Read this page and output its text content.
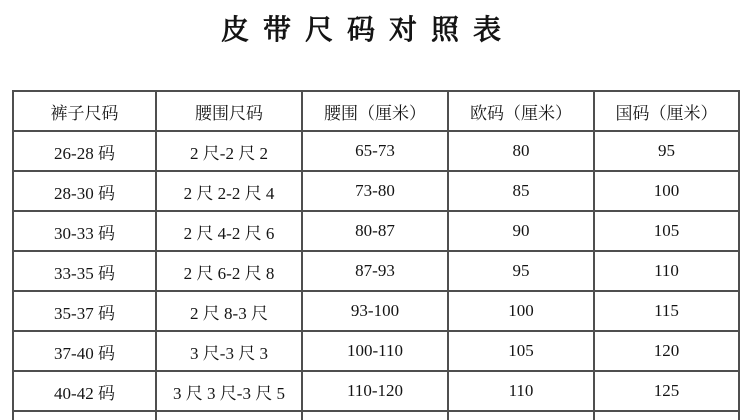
皮带尺码对照表
裤子尺码	腰围尺码	腰围（厘米）	欧码（厘米）	国码（厘米）
26-28 码	2 尺-2 尺 2	65-73	80	95
28-30 码	2 尺 2-2 尺 4	73-80	85	100
30-33 码	2 尺 4-2 尺 6	80-87	90	105
33-35 码	2 尺 6-2 尺 8	87-93	95	110
35-37 码	2 尺 8-3 尺	93-100	100	115
37-40 码	3 尺-3 尺 3	100-110	105	120
40-42 码	3 尺 3 尺-3 尺 5	110-120	110	125
